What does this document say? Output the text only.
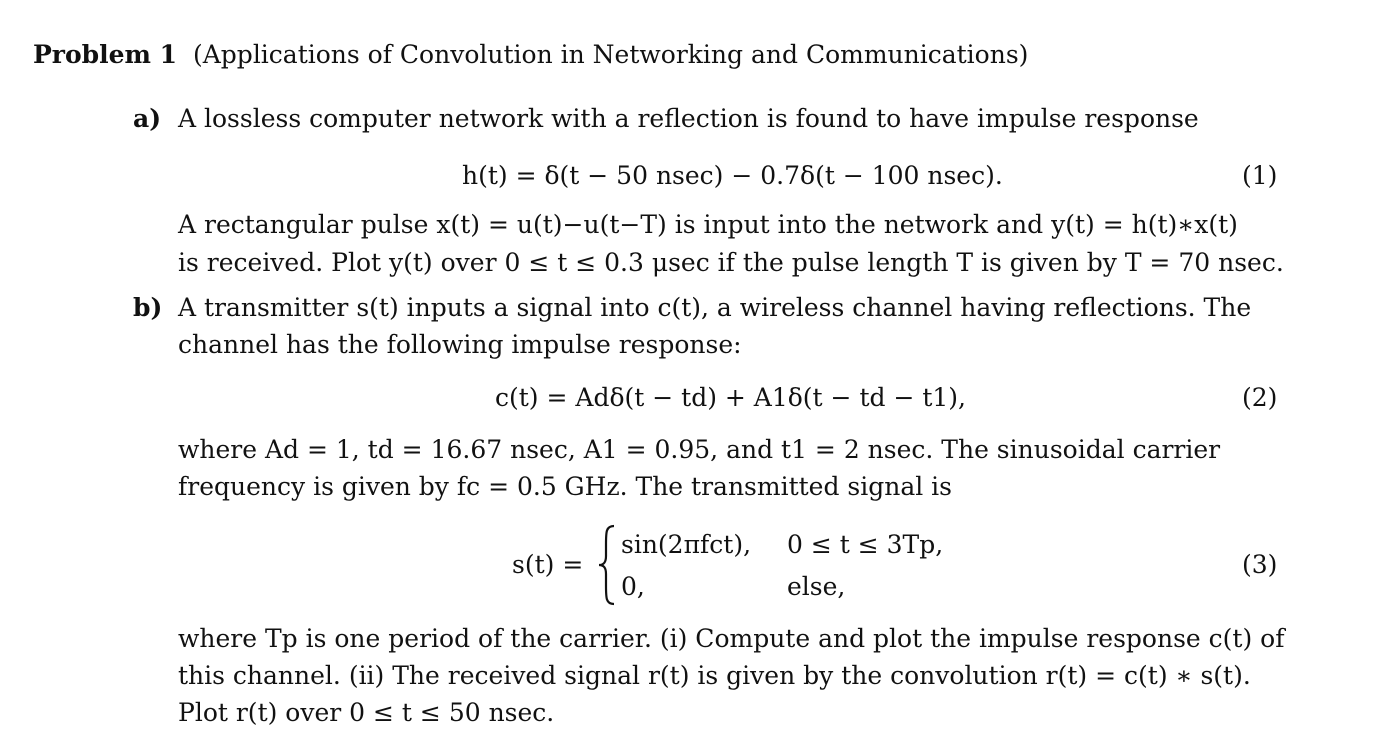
Problem 1 (Applications of Convolution in Networking and Communications)
a) A lossless computer network with a reflection is found to have impulse response
h(t) = δ(t − 50 nsec) − 0.7δ(t − 100 nsec).	(1)
A rectangular pulse x(t) = u(t)−u(t−T) is input into the network and y(t) = h(t)∗x(t)
is received. Plot y(t) over 0 ≤ t ≤ 0.3 μsec if the pulse length T is given by T = 70 nsec.
b) A transmitter s(t) inputs a signal into c(t), a wireless channel having reflections. The
channel has the following impulse response:
c(t) = Adδ(t − td) + A1δ(t − td − t1),	(2)
where Ad = 1, td = 16.67 nsec, A1 = 0.95, and t1 = 2 nsec. The sinusoidal carrier
frequency is given by fc = 0.5 GHz. The transmitted signal is
s(t) =
sin(2πfct), 0 ≤ t ≤ 3Tp,
0,	else,
(3)
where Tp is one period of the carrier. (i) Compute and plot the impulse response c(t) of
this channel. (ii) The received signal r(t) is given by the convolution r(t) = c(t) ∗ s(t).
Plot r(t) over 0 ≤ t ≤ 50 nsec.
